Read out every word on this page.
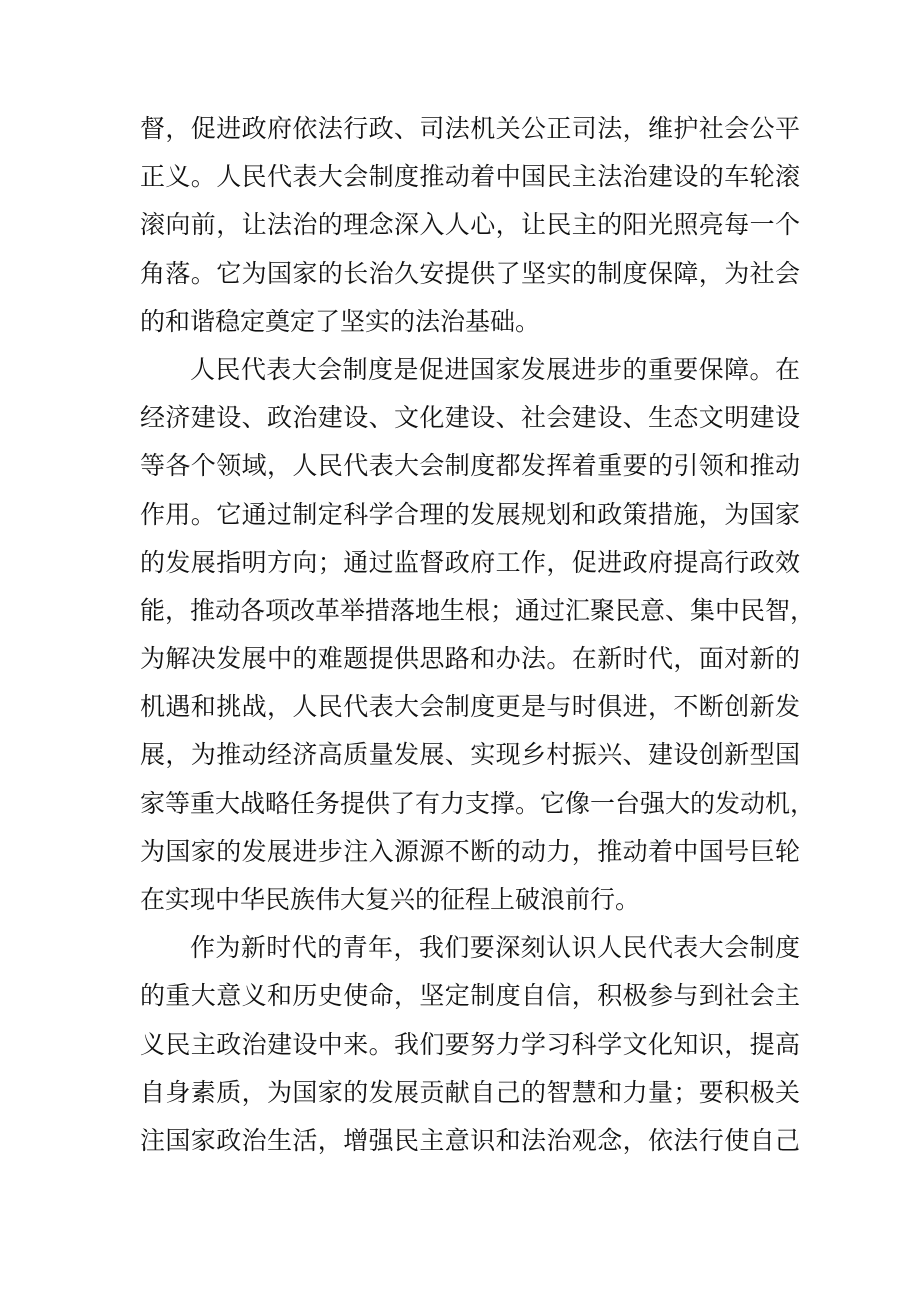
督，促进政府依法行政、司法机关公正司法，维护社会公平
正义。人民代表大会制度推动着中国民主法治建设的车轮滚
滚向前，让法治的理念深入人心，让民主的阳光照亮每一个
角落。它为国家的长治久安提供了坚实的制度保障，为社会
的和谐稳定奠定了坚实的法治基础。
人民代表大会制度是促进国家发展进步的重要保障。在
经济建设、政治建设、文化建设、社会建设、生态文明建设
等各个领域，人民代表大会制度都发挥着重要的引领和推动
作用。它通过制定科学合理的发展规划和政策措施，为国家
的发展指明方向；通过监督政府工作，促进政府提高行政效
能，推动各项改革举措落地生根；通过汇聚民意、集中民智，
为解决发展中的难题提供思路和办法。在新时代，面对新的
机遇和挑战，人民代表大会制度更是与时俱进，不断创新发
展，为推动经济高质量发展、实现乡村振兴、建设创新型国
家等重大战略任务提供了有力支撑。它像一台强大的发动机，
为国家的发展进步注入源源不断的动力，推动着中国号巨轮
在实现中华民族伟大复兴的征程上破浪前行。
作为新时代的青年，我们要深刻认识人民代表大会制度
的重大意义和历史使命，坚定制度自信，积极参与到社会主
义民主政治建设中来。我们要努力学习科学文化知识，提高
自身素质，为国家的发展贡献自己的智慧和力量；要积极关
注国家政治生活，增强民主意识和法治观念，依法行使自己
